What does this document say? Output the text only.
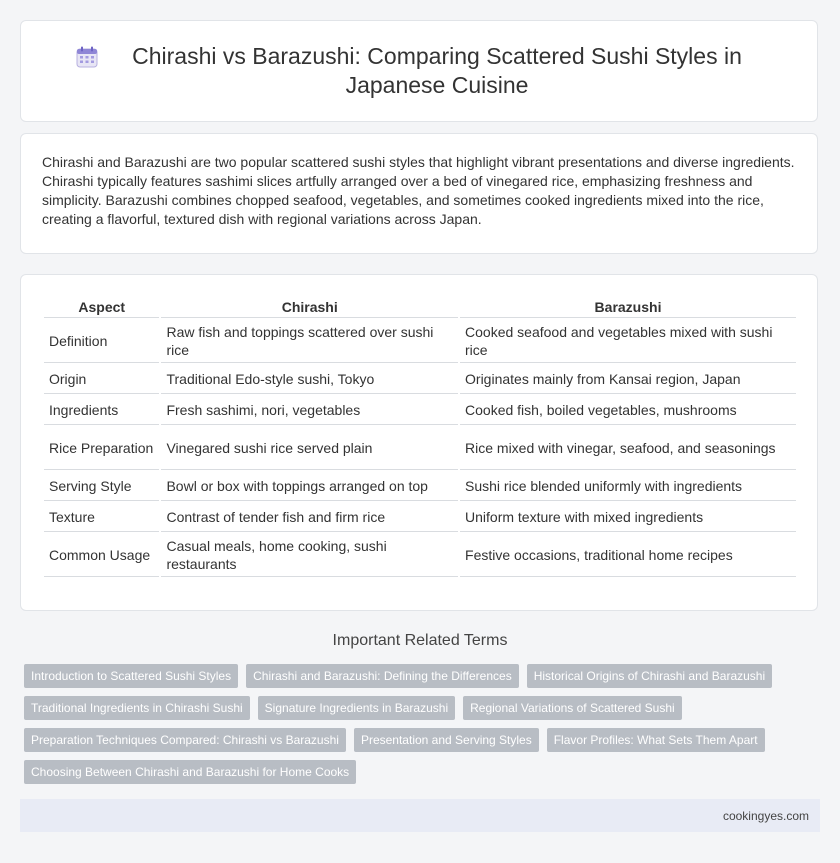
Chirashi vs Barazushi: Comparing Scattered Sushi Styles in Japanese Cuisine

Chirashi and Barazushi are two popular scattered sushi styles that highlight vibrant presentations and diverse ingredients. Chirashi typically features sashimi slices artfully arranged over a bed of vinegared rice, emphasizing freshness and simplicity. Barazushi combines chopped seafood, vegetables, and sometimes cooked ingredients mixed into the rice, creating a flavorful, textured dish with regional variations across Japan.

Aspect	Chirashi	Barazushi
Definition	Raw fish and toppings scattered over sushi rice	Cooked seafood and vegetables mixed with sushi rice
Origin	Traditional Edo-style sushi, Tokyo	Originates mainly from Kansai region, Japan
Ingredients	Fresh sashimi, nori, vegetables	Cooked fish, boiled vegetables, mushrooms
Rice Preparation	Vinegared sushi rice served plain	Rice mixed with vinegar, seafood, and seasonings
Serving Style	Bowl or box with toppings arranged on top	Sushi rice blended uniformly with ingredients
Texture	Contrast of tender fish and firm rice	Uniform texture with mixed ingredients
Common Usage	Casual meals, home cooking, sushi restaurants	Festive occasions, traditional home recipes
Important Related Terms
Introduction to Scattered Sushi Styles	Chirashi and Barazushi: Defining the Differences	Historical Origins of Chirashi and Barazushi
Traditional Ingredients in Chirashi Sushi	Signature Ingredients in Barazushi	Regional Variations of Scattered Sushi
Preparation Techniques Compared: Chirashi vs Barazushi	Presentation and Serving Styles	Flavor Profiles: What Sets Them Apart
Choosing Between Chirashi and Barazushi for Home Cooks
cookingyes.com
